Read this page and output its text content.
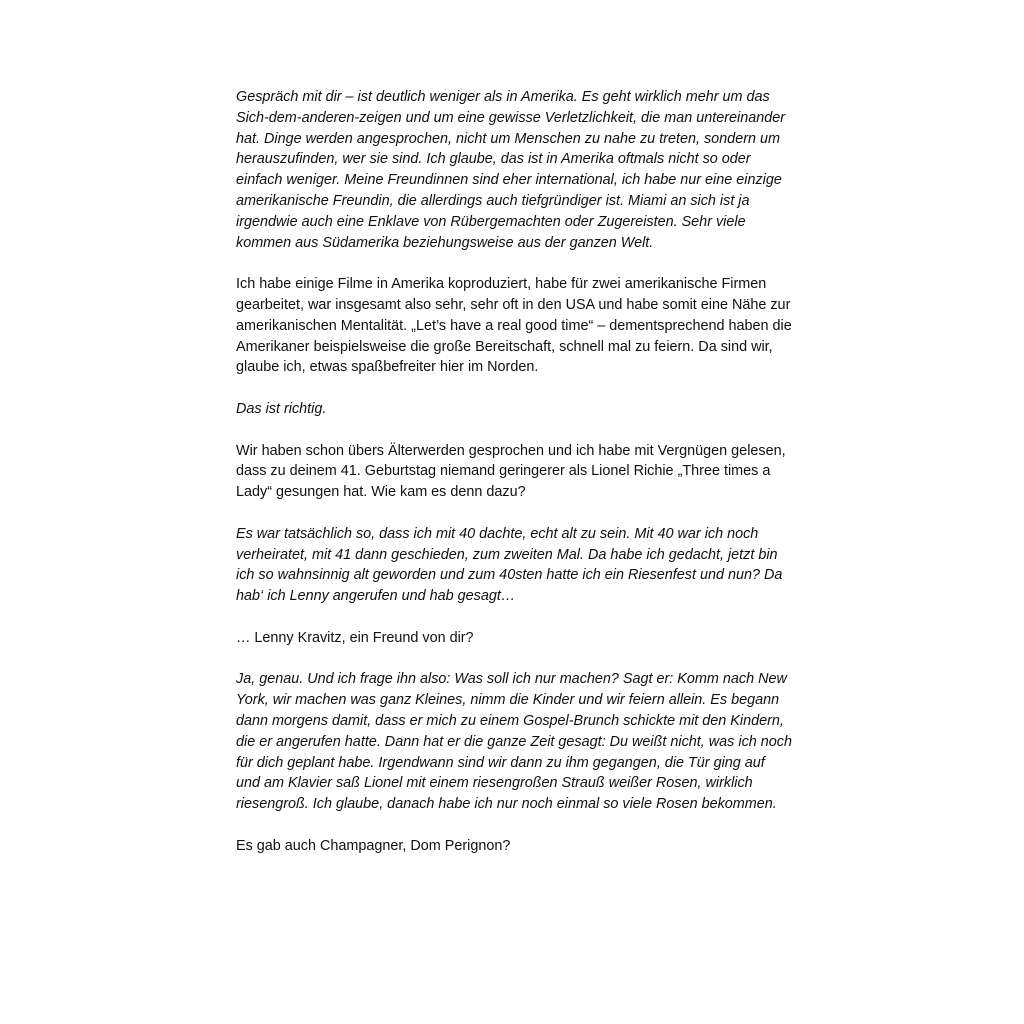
Gespräch mit dir – ist deutlich weniger als in Amerika. Es geht wirklich mehr um das Sich-dem-anderen-zeigen und um eine gewisse Verletzlichkeit, die man untereinander hat. Dinge werden angesprochen, nicht um Menschen zu nahe zu treten, sondern um herauszufinden, wer sie sind. Ich glaube, das ist in Amerika oftmals nicht so oder einfach weniger. Meine Freundinnen sind eher international, ich habe nur eine einzige amerikanische Freundin, die allerdings auch tiefgründiger ist. Miami an sich ist ja irgendwie auch eine Enklave von Rübergemachten oder Zugereisten. Sehr viele kommen aus Südamerika beziehungsweise aus der ganzen Welt.

Ich habe einige Filme in Amerika koproduziert, habe für zwei amerikanische Firmen gearbeitet, war insgesamt also sehr, sehr oft in den USA und habe somit eine Nähe zur amerikanischen Mentalität. „Let’s have a real good time“ – dementsprechend haben die Amerikaner beispielsweise die große Bereitschaft, schnell mal zu feiern. Da sind wir, glaube ich, etwas spaßbefreiter hier im Norden.

Das ist richtig.

Wir haben schon übers Älterwerden gesprochen und ich habe mit Vergnügen gelesen, dass zu deinem 41. Geburtstag niemand geringerer als Lionel Richie „Three times a Lady“ gesungen hat. Wie kam es denn dazu?

Es war tatsächlich so, dass ich mit 40 dachte, echt alt zu sein. Mit 40 war ich noch verheiratet, mit 41 dann geschieden, zum zweiten Mal. Da habe ich gedacht, jetzt bin ich so wahnsinnig alt geworden und zum 40sten hatte ich ein Riesenfest und nun? Da hab‘ ich Lenny angerufen und hab gesagt…

… Lenny Kravitz, ein Freund von dir?

Ja, genau. Und ich frage ihn also: Was soll ich nur machen? Sagt er: Komm nach New York, wir machen was ganz Kleines, nimm die Kinder und wir feiern allein. Es begann dann morgens damit, dass er mich zu einem Gospel-Brunch schickte mit den Kindern, die er angerufen hatte. Dann hat er die ganze Zeit gesagt: Du weißt nicht, was ich noch für dich geplant habe. Irgendwann sind wir dann zu ihm gegangen, die Tür ging auf und am Klavier saß Lionel mit einem riesengroßen Strauß weißer Rosen, wirklich riesengroß. Ich glaube, danach habe ich nur noch einmal so viele Rosen bekommen.

Es gab auch Champagner, Dom Perignon?
